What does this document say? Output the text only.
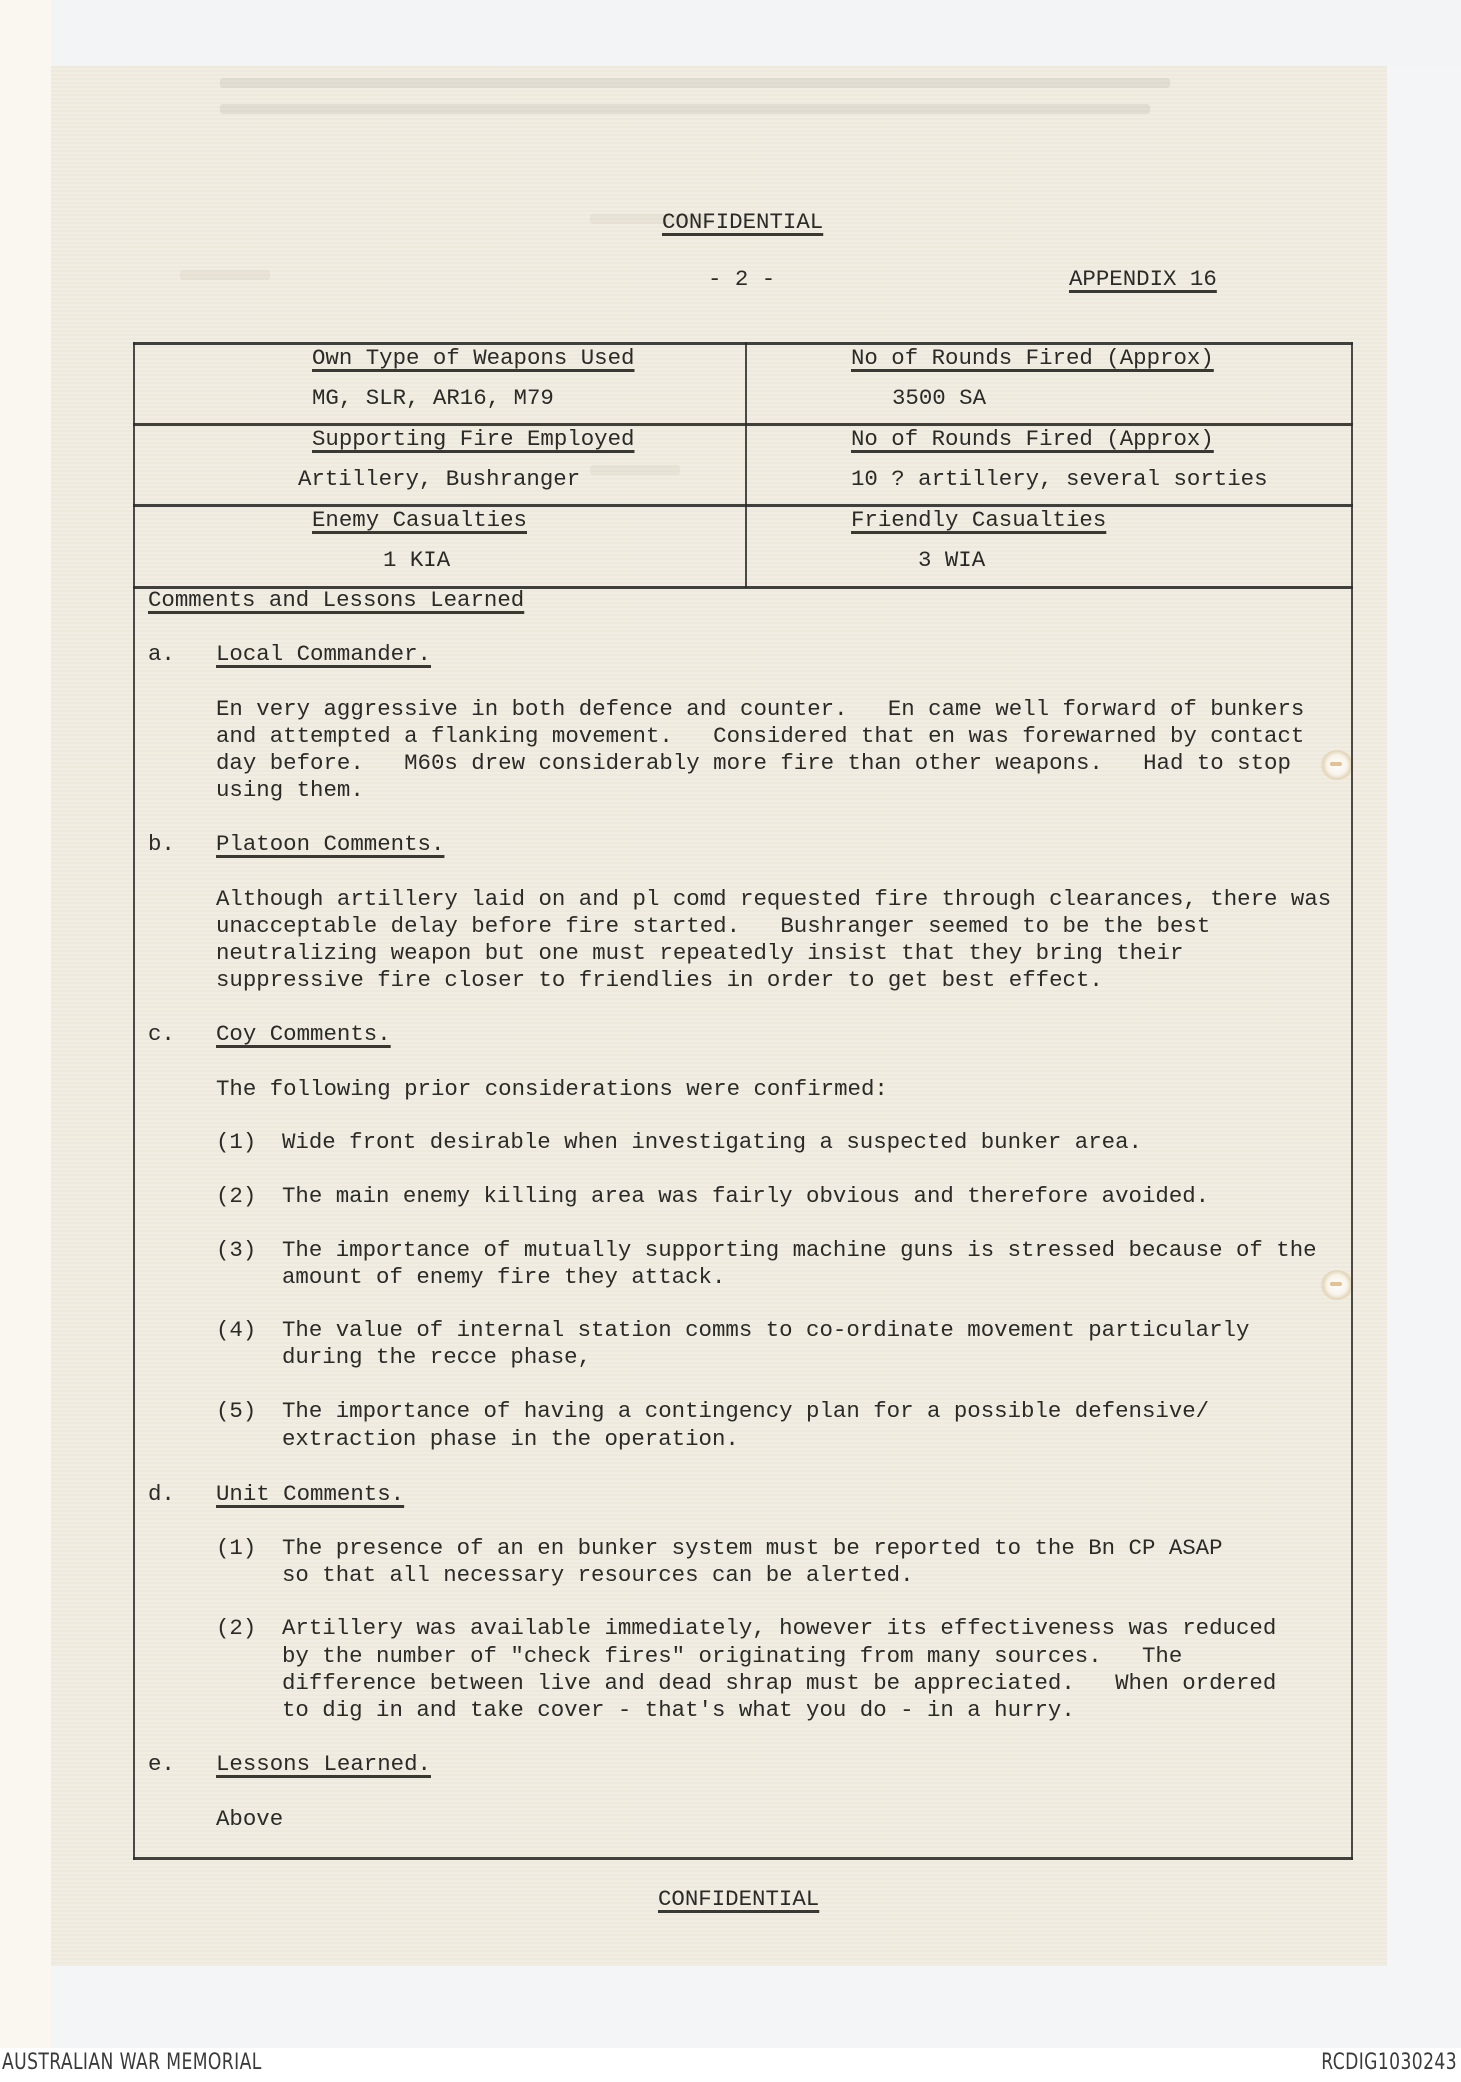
CONFIDENTIAL
- 2 -	APPENDIX 16
Own Type of Weapons Used
MG, SLR, AR16, M79
No of Rounds Fired (Approx)
3500 SA
Supporting Fire Employed
Artillery, Bushranger
No of Rounds Fired (Approx)
10 ? artillery, several sorties
Enemy Casualties
1 KIA
Friendly Casualties
3 WIA
Comments and Lessons Learned
a. Local Commander.
En very aggressive in both defence and counter.   En came well forward of bunkers
and attempted a flanking movement.   Considered that en was forewarned by contact
day before.   M60s drew considerably more fire than other weapons.   Had to stop
using them.
b. Platoon Comments.
Although artillery laid on and pl comd requested fire through clearances, there was
unacceptable delay before fire started.   Bushranger seemed to be the best
neutralizing weapon but one must repeatedly insist that they bring their
suppressive fire closer to friendlies in order to get best effect.
c. Coy Comments.
The following prior considerations were confirmed:
(1) Wide front desirable when investigating a suspected bunker area.
(2) The main enemy killing area was fairly obvious and therefore avoided.
(3) The importance of mutually supporting machine guns is stressed because of the
amount of enemy fire they attack.
(4) The value of internal station comms to co-ordinate movement particularly
during the recce phase,
(5) The importance of having a contingency plan for a possible defensive/
extraction phase in the operation.
d. Unit Comments.
(1) The presence of an en bunker system must be reported to the Bn CP ASAP
so that all necessary resources can be alerted.
(2) Artillery was available immediately, however its effectiveness was reduced
by the number of "check fires" originating from many sources.   The
difference between live and dead shrap must be appreciated.   When ordered
to dig in and take cover - that's what you do - in a hurry.
e. Lessons Learned.
Above
CONFIDENTIAL
AUSTRALIAN WAR MEMORIAL	RCDIG1030243
